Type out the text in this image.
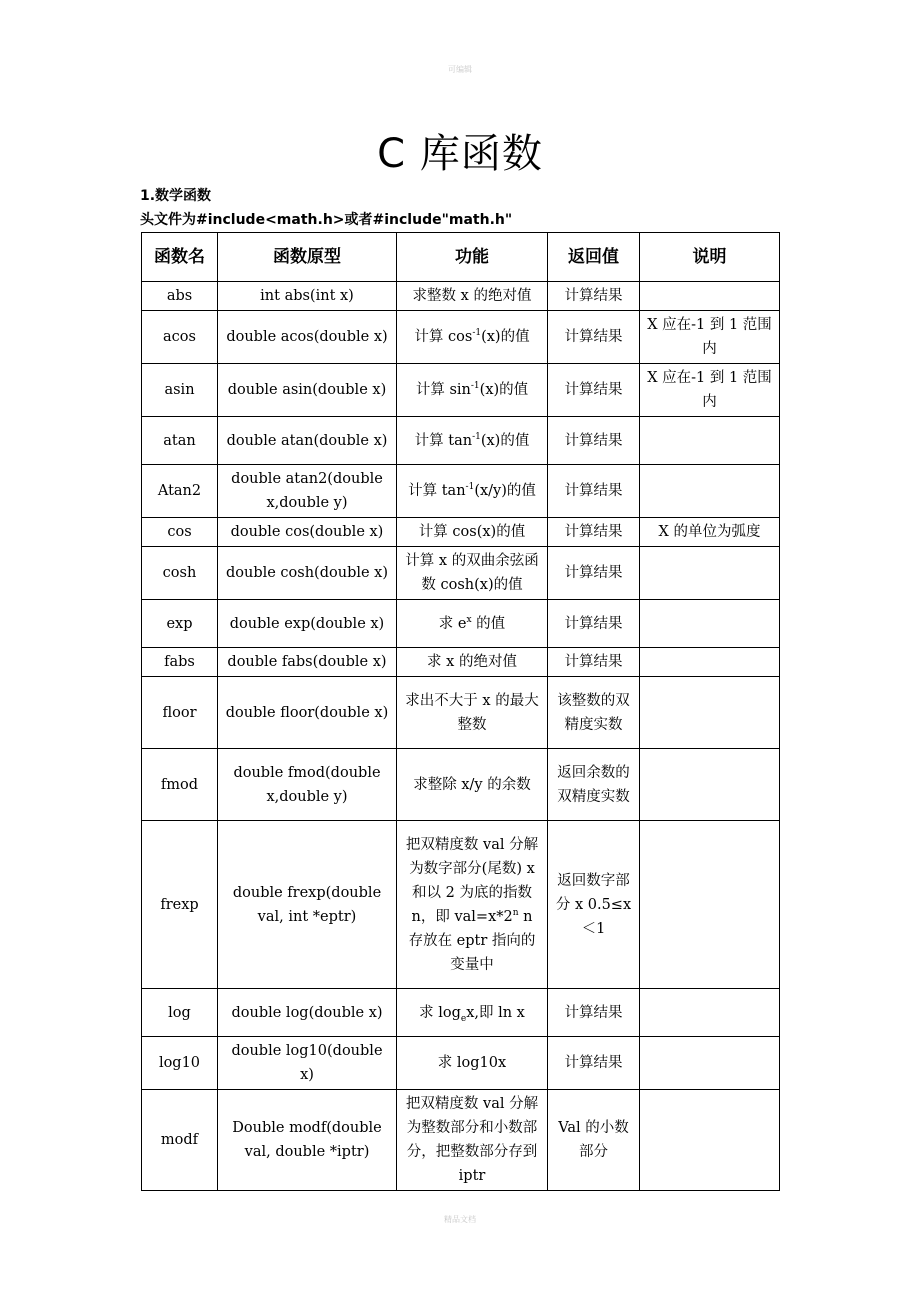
可编辑
C 库函数
1.数学函数
头文件为#include<math.h>或者#include"math.h"
函数名	函数原型	功能	返回值	说明
abs	int abs(int x)	求整数 x 的绝对值	计算结果	
acos	double acos(double x)	计算 $\cos^{-1}(x)$的值	计算结果	X 应在-1 到 1 范围内
asin	double asin(double x)	计算 $\sin^{-1}(x)$的值	计算结果	X 应在-1 到 1 范围内
atan	double atan(double x)	计算 $\tan^{-1}(x)$的值	计算结果	
Atan2	double atan2(double x,double y)	计算 $\tan^{-1}(x/y)$的值	计算结果	
cos	double cos(double x)	计算 cos(x)的值	计算结果	X 的单位为弧度
cosh	double cosh(double x)	计算 x 的双曲余弦函数 cosh(x)的值	计算结果	
exp	double exp(double x)	求 $e^x$ 的值	计算结果	
fabs	double fabs(double x)	求 x 的绝对值	计算结果	
floor	double floor(double x)	求出不大于 x 的最大整数	该整数的双精度实数	
fmod	double fmod(double x,double y)	求整除 x/y 的余数	返回余数的双精度实数	
frexp	double frexp(double val, int *eptr)	把双精度数 val 分解为数字部分(尾数) x 和以 2 为底的指数 n，即 $val=x*2^n$ n 存放在 eptr 指向的变量中	返回数字部分 x 0.5≤x＜1	
log	double log(double x)	求 $\log_ex$,即 ln x	计算结果	
log10	double log10(double x)	求 log10x	计算结果	
modf	Double modf(double val, double *iptr)	把双精度数 val 分解为整数部分和小数部分，把整数部分存到 iptr	Val 的小数部分	
精品文档
